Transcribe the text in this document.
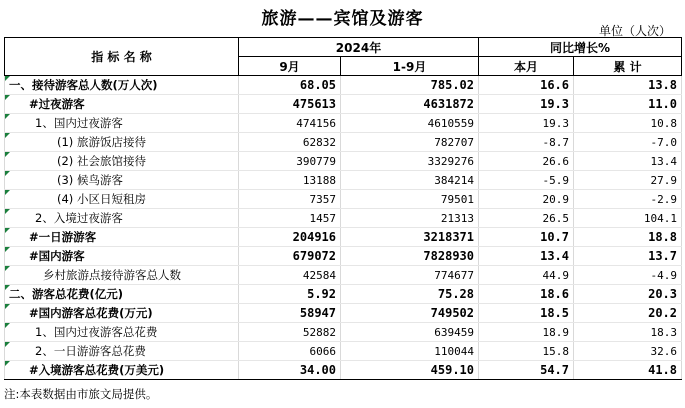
旅游——宾馆及游客
单位（人次）
指 标 名 称	2024年		同比增长%	
	9月	1-9月	本月	累 计
一、接待游客总人数(万人次)	68.05	785.02	16.6	13.8
#过夜游客	475613	4631872	19.3	11.0
1、国内过夜游客	474156	4610559	19.3	10.8
(1) 旅游饭店接待	62832	782707	-8.7	-7.0
(2) 社会旅馆接待	390779	3329276	26.6	13.4
(3) 候鸟游客	13188	384214	-5.9	27.9
(4) 小区日短租房	7357	79501	20.9	-2.9
2、入境过夜游客	1457	21313	26.5	104.1
#一日游游客	204916	3218371	10.7	18.8
#国内游客	679072	7828930	13.4	13.7
乡村旅游点接待游客总人数	42584	774677	44.9	-4.9
二、游客总花费(亿元)	5.92	75.28	18.6	20.3
#国内游客总花费(万元)	58947	749502	18.5	20.2
1、国内过夜游客总花费	52882	639459	18.9	18.3
2、一日游游客总花费	6066	110044	15.8	32.6
#入境游客总花费(万美元)	34.00	459.10	54.7	41.8
注:本表数据由市旅文局提供。
